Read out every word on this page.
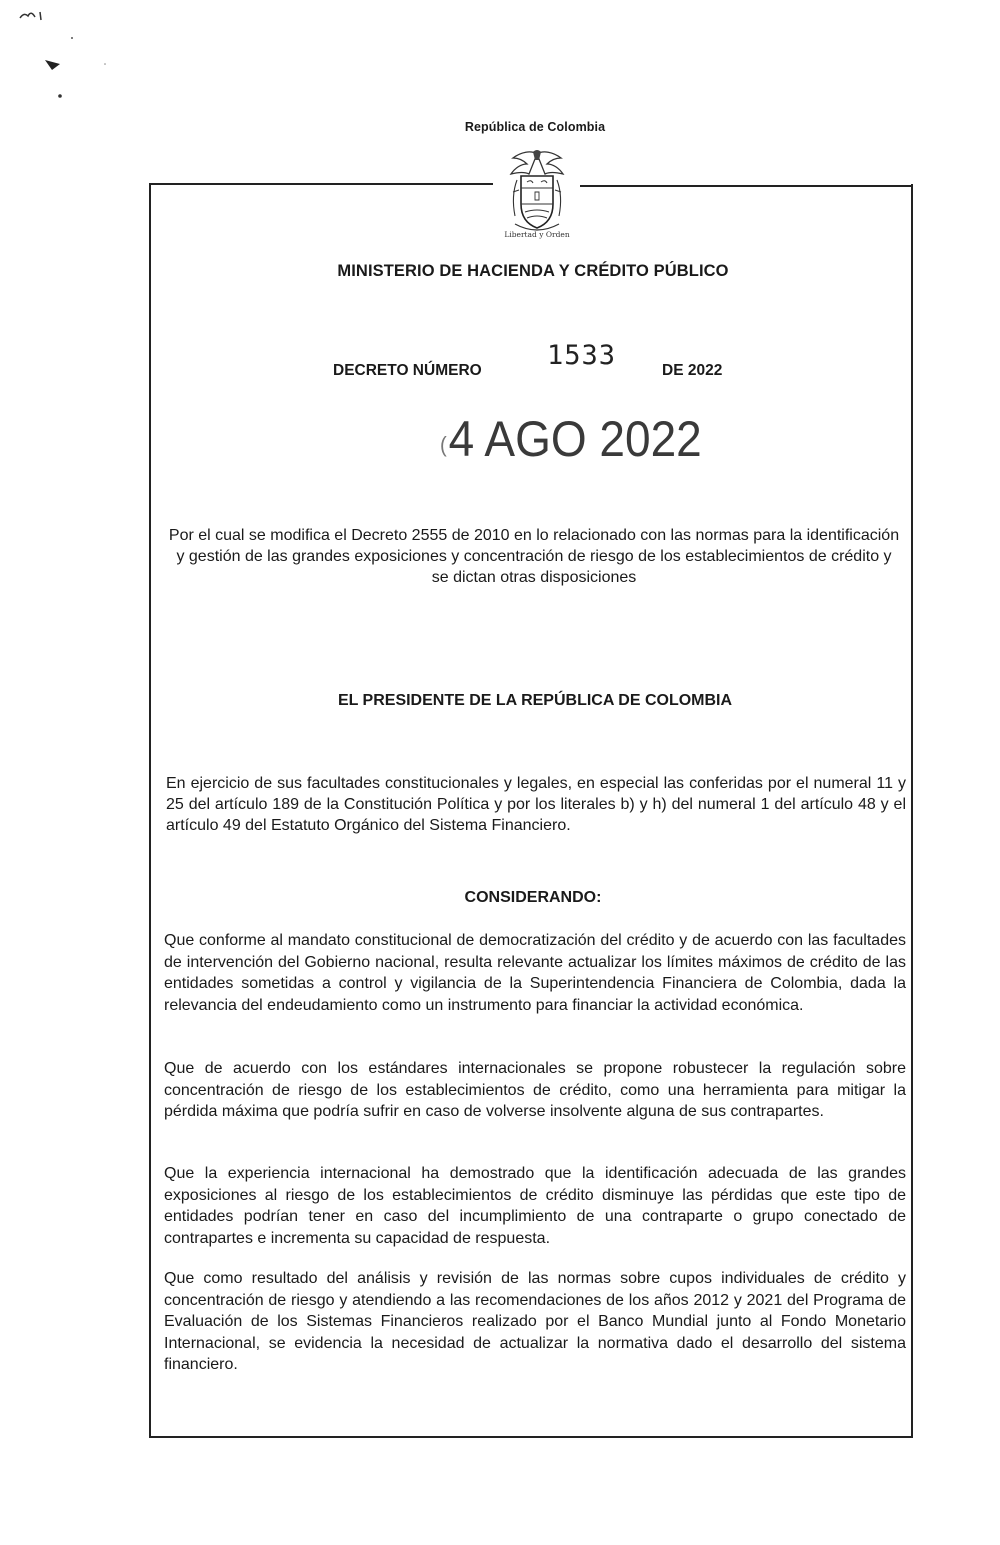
República de Colombia
Libertad y Orden
MINISTERIO DE HACIENDA Y CRÉDITO PÚBLICO
DECRETO NÚMERO 1533	DE 2022
(4 AGO 2022
Por el cual se modifica el Decreto 2555 de 2010 en lo relacionado con las normas para la identificación y gestión de las grandes exposiciones y concentración de riesgo de los establecimientos de crédito y se dictan otras disposiciones
EL PRESIDENTE DE LA REPÚBLICA DE COLOMBIA
En ejercicio de sus facultades constitucionales y legales, en especial las conferidas por el numeral 11 y 25 del artículo 189 de la Constitución Política y por los literales b) y h) del numeral 1 del artículo 48 y el artículo 49 del Estatuto Orgánico del Sistema Financiero.
CONSIDERANDO:
Que conforme al mandato constitucional de democratización del crédito y de acuerdo con las facultades de intervención del Gobierno nacional, resulta relevante actualizar los límites máximos de crédito de las entidades sometidas a control y vigilancia de la Superintendencia Financiera de Colombia, dada la relevancia del endeudamiento como un instrumento para financiar la actividad económica.
Que de acuerdo con los estándares internacionales se propone robustecer la regulación sobre concentración de riesgo de los establecimientos de crédito, como una herramienta para mitigar la pérdida máxima que podría sufrir en caso de volverse insolvente alguna de sus contrapartes.
Que la experiencia internacional ha demostrado que la identificación adecuada de las grandes exposiciones al riesgo de los establecimientos de crédito disminuye las pérdidas que este tipo de entidades podrían tener en caso del incumplimiento de una contraparte o grupo conectado de contrapartes e incrementa su capacidad de respuesta.
Que como resultado del análisis y revisión de las normas sobre cupos individuales de crédito y concentración de riesgo y atendiendo a las recomendaciones de los años 2012 y 2021 del Programa de Evaluación de los Sistemas Financieros realizado por el Banco Mundial junto al Fondo Monetario Internacional, se evidencia la necesidad de actualizar la normativa dado el desarrollo del sistema financiero.
